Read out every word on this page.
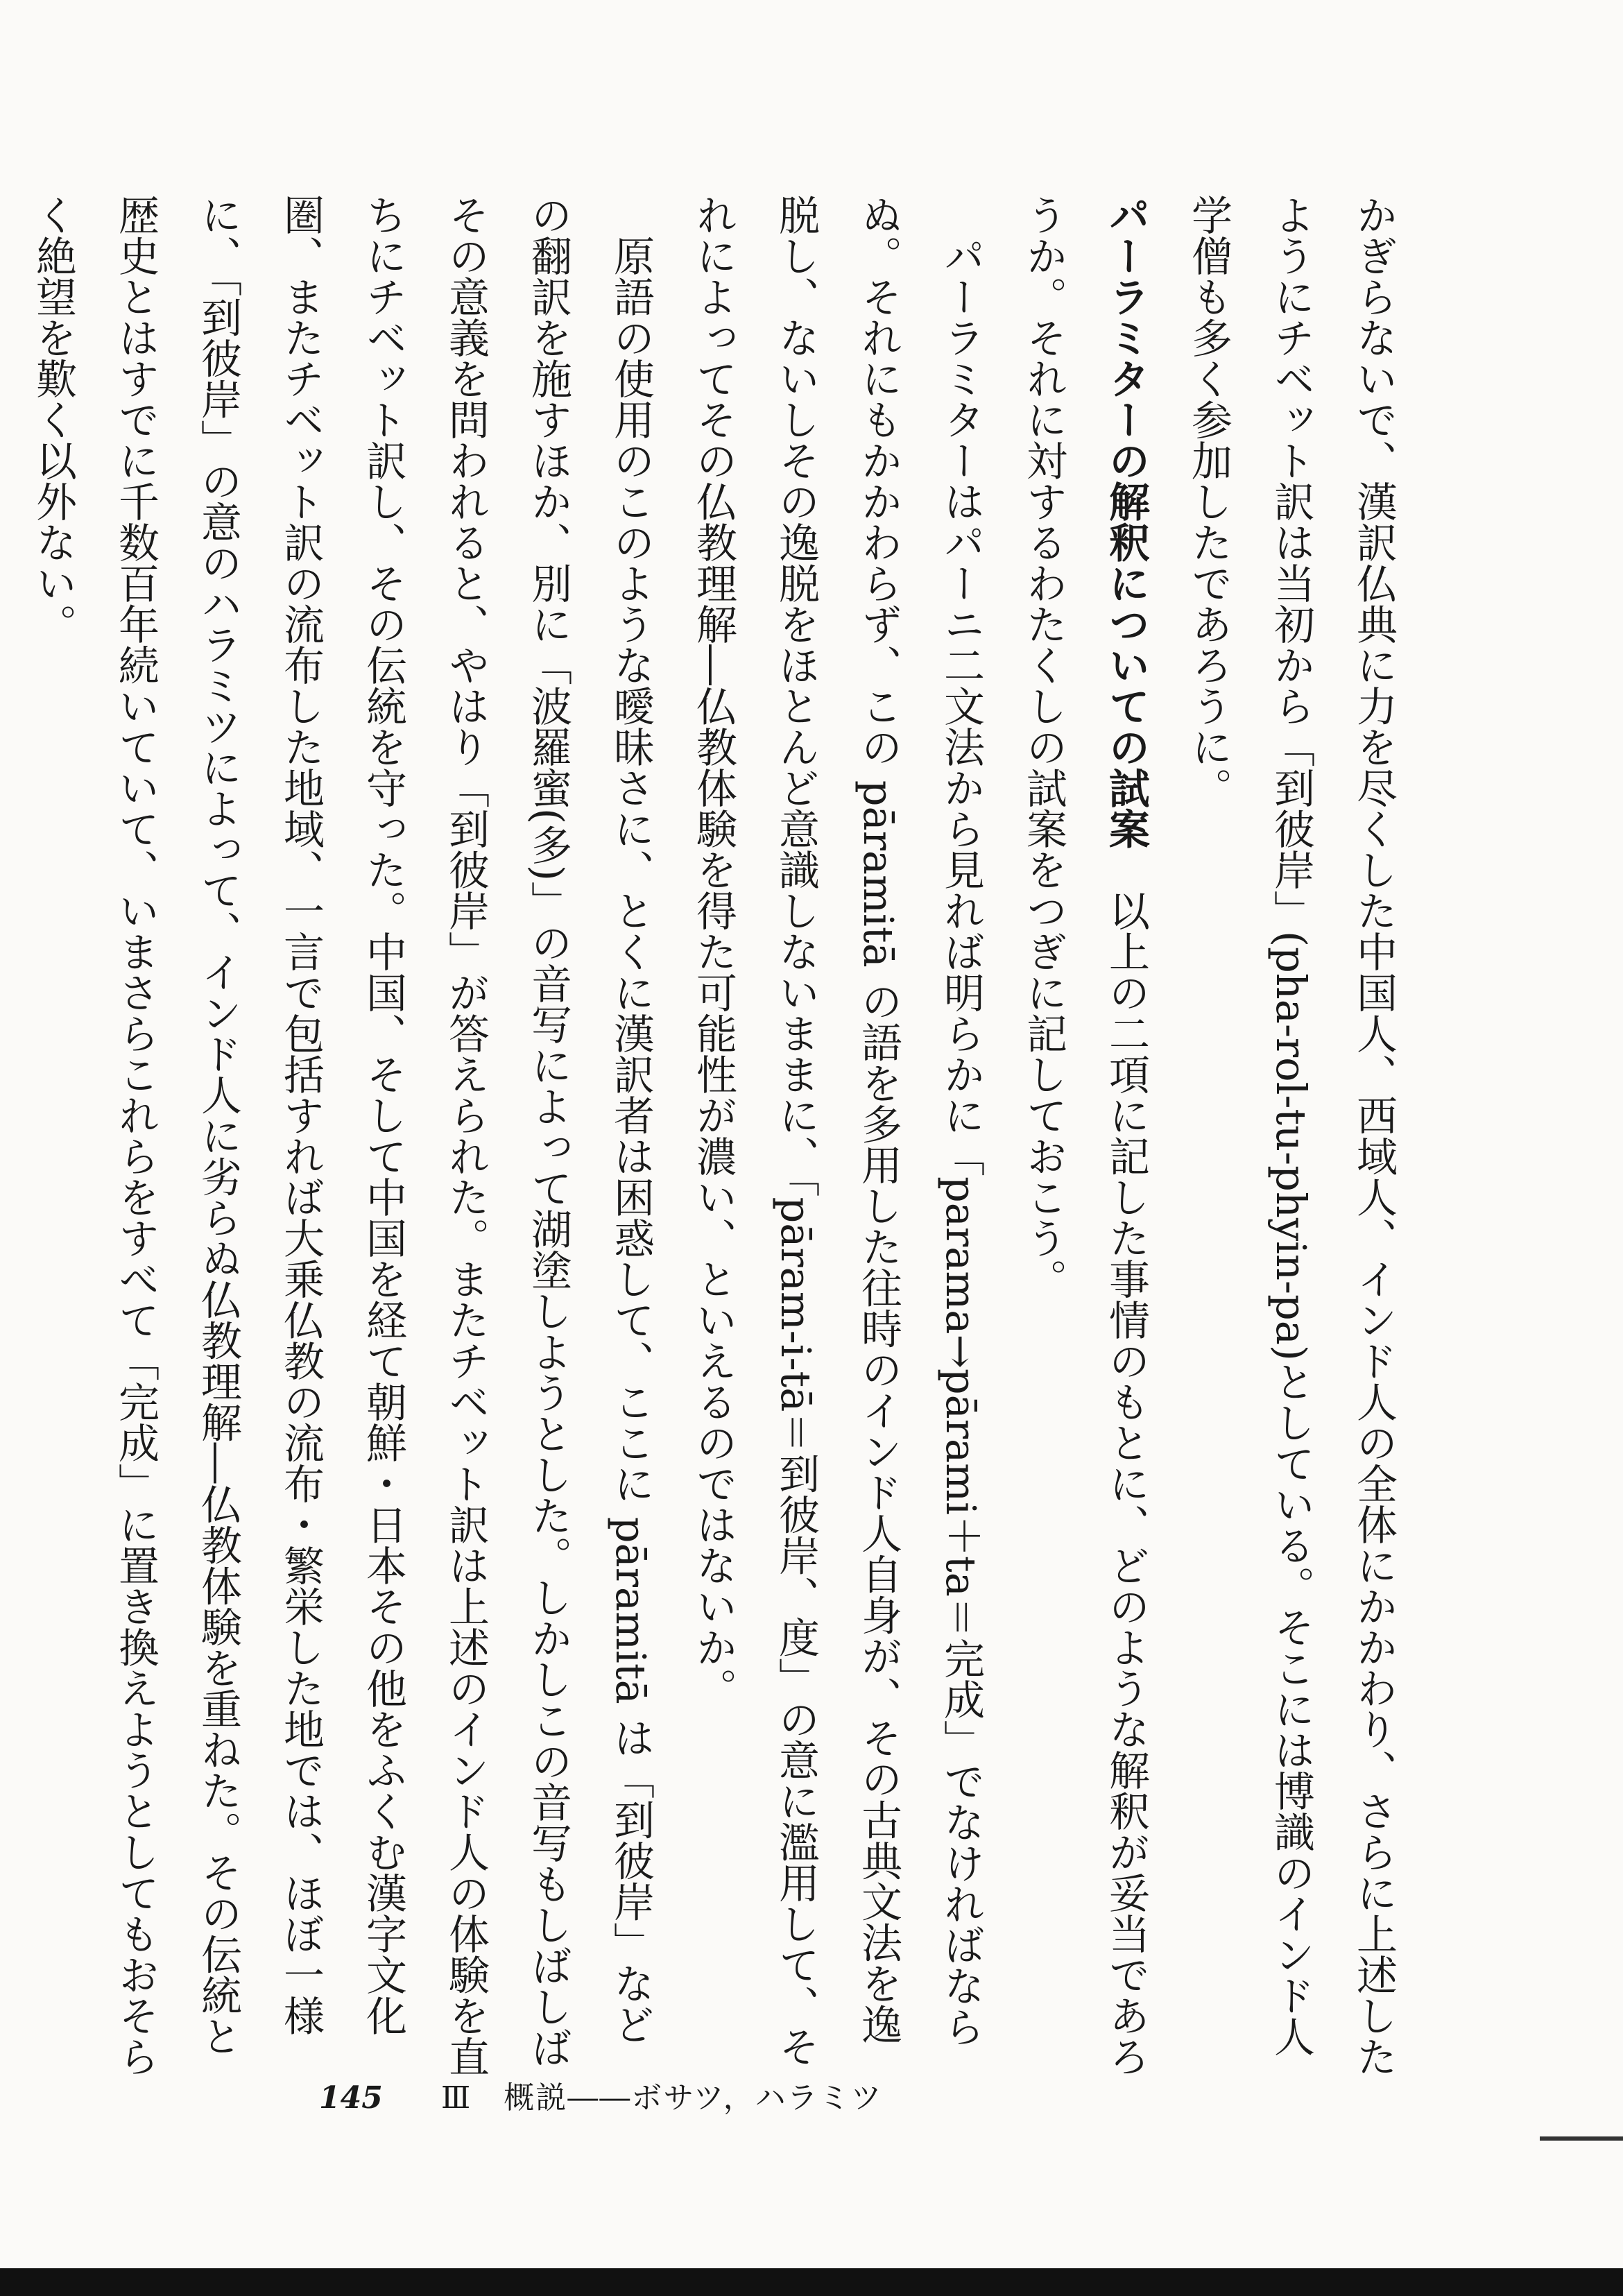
かぎらないで、漢訳仏典に力を尽くした中国人、西域人、インド人の全体にかかわり、さらに上述したようにチベット訳は当初から「到彼岸」(pha-rol-tu-phyin-pa)としている。そこには博識のインド人学僧も多く参加したであろうに。

パーラミターの解釈についての試案　以上の二項に記した事情のもとに、どのような解釈が妥当であろうか。それに対するわたくしの試案をつぎに記しておこう。

パーラミターはパーニ二文法から見れば明らかに「parama→pārami＋ta＝完成」でなければならぬ。それにもかかわらず、この pāramitā の語を多用した往時のインド人自身が、その古典文法を逸脱し、ないしその逸脱をほとんど意識しないままに、「pāram-i-tā＝到彼岸、度」の意に濫用して、それによってその仏教理解―仏教体験を得た可能性が濃い、といえるのではないか。

原語の使用のこのような曖昧さに、とくに漢訳者は困惑して、ここに pāramitā は「到彼岸」などの翻訳を施すほか、別に「波羅蜜(多)」の音写によって湖塗しようとした。しかしこの音写もしばしばその意義を問われると、やはり「到彼岸」が答えられた。またチベット訳は上述のインド人の体験を直ちにチベット訳し、その伝統を守った。中国、そして中国を経て朝鮮・日本その他をふくむ漢字文化圏、またチベット訳の流布した地域、一言で包括すれば大乗仏教の流布・繁栄した地では、ほぼ一様に、「到彼岸」の意のハラミツによって、インド人に劣らぬ仏教理解―仏教体験を重ねた。その伝統と歴史とはすでに千数百年続いていて、いまさらこれらをすべて「完成」に置き換えようとしてもおそらく絶望を歎く以外ない。

145 Ⅲ　概説――ボサツ，ハラミツ
